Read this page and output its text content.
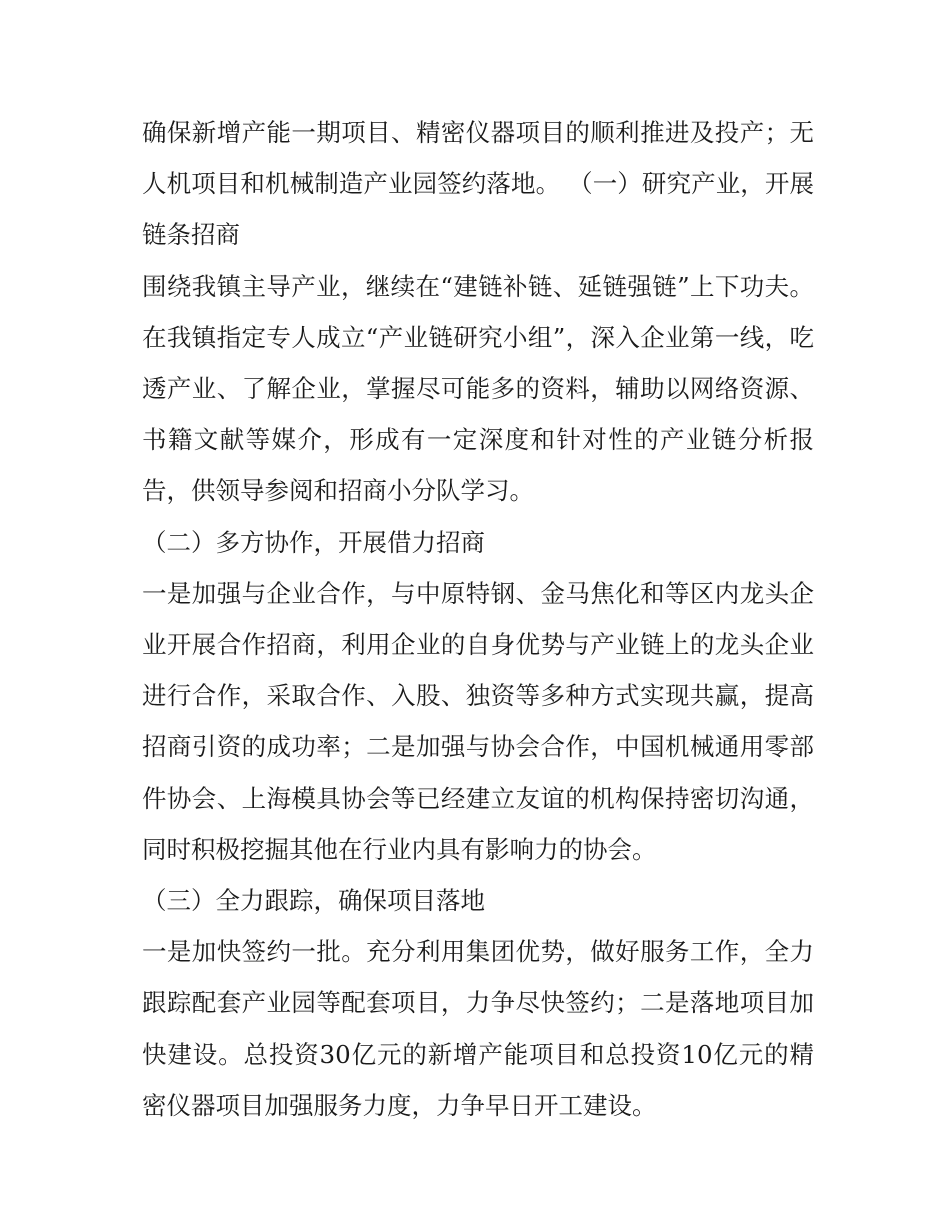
确保新增产能一期项目、精密仪器项目的顺利推进及投产；无人机项目和机械制造产业园签约落地。 （一）研究产业，开展链条招商

围绕我镇主导产业，继续在“建链补链、延链强链”上下功夫。在我镇指定专人成立“产业链研究小组”，深入企业第一线，吃透产业、了解企业，掌握尽可能多的资料，辅助以网络资源、书籍文献等媒介，形成有一定深度和针对性的产业链分析报告，供领导参阅和招商小分队学习。

（二）多方协作，开展借力招商

一是加强与企业合作，与中原特钢、金马焦化和等区内龙头企业开展合作招商，利用企业的自身优势与产业链上的龙头企业进行合作，采取合作、入股、独资等多种方式实现共赢，提高招商引资的成功率；二是加强与协会合作，中国机械通用零部件协会、上海模具协会等已经建立友谊的机构保持密切沟通，同时积极挖掘其他在行业内具有影响力的协会。

（三）全力跟踪，确保项目落地

一是加快签约一批。充分利用集团优势，做好服务工作，全力跟踪配套产业园等配套项目，力争尽快签约；二是落地项目加快建设。总投资30亿元的新增产能项目和总投资10亿元的精密仪器项目加强服务力度，力争早日开工建设。
